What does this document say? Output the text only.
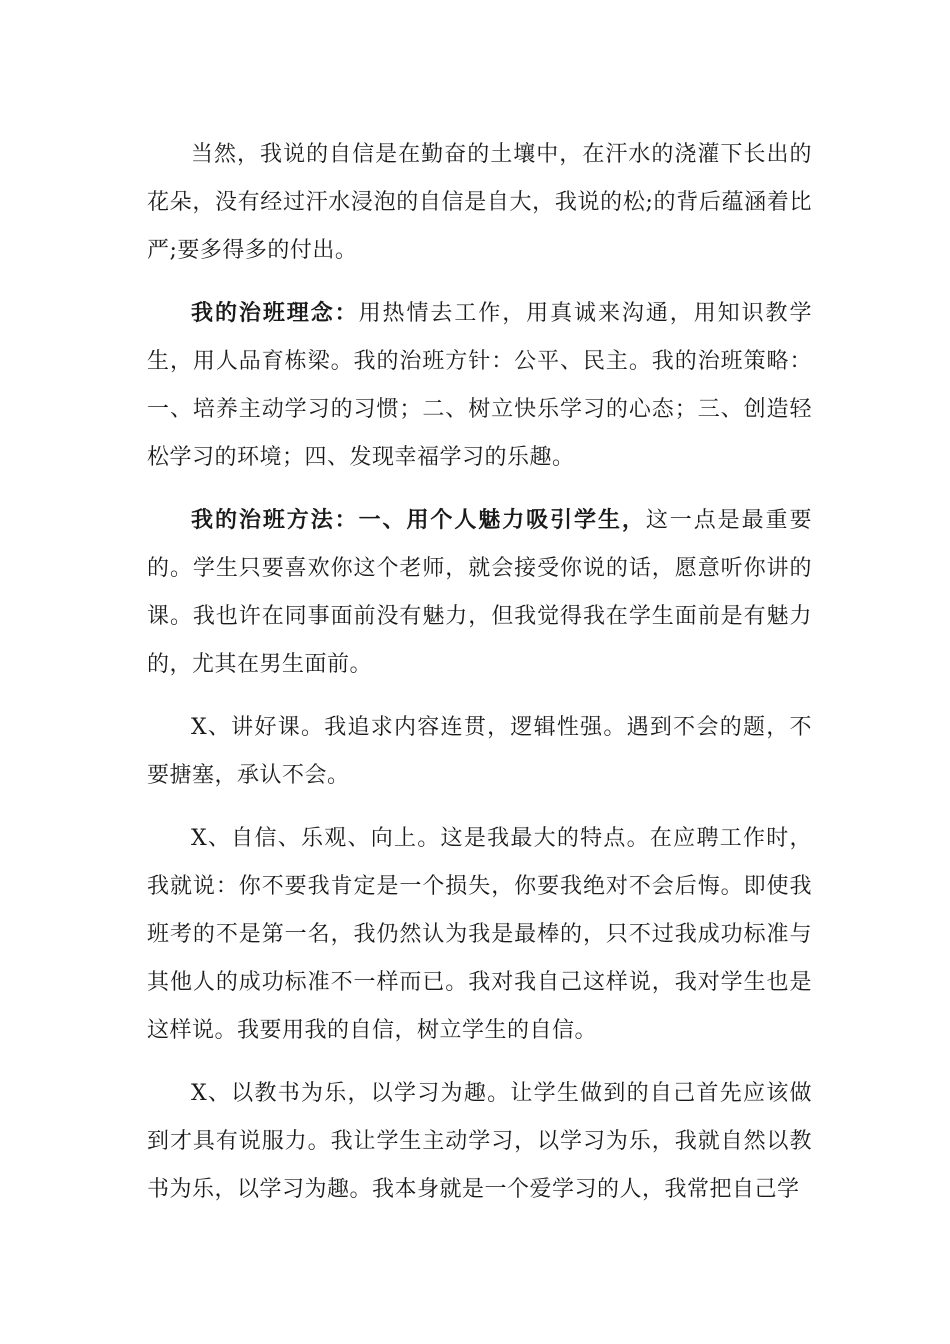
当然，我说的自信是在勤奋的土壤中，在汗水的浇灌下长出的花朵，没有经过汗水浸泡的自信是自大，我说的松;的背后蕴涵着比严;要多得多的付出。

我的治班理念：用热情去工作，用真诚来沟通，用知识教学生，用人品育栋梁。我的治班方针：公平、民主。我的治班策略：一、培养主动学习的习惯；二、树立快乐学习的心态；三、创造轻松学习的环境；四、发现幸福学习的乐趣。

我的治班方法：一、用个人魅力吸引学生，这一点是最重要的。学生只要喜欢你这个老师，就会接受你说的话，愿意听你讲的课。我也许在同事面前没有魅力，但我觉得我在学生面前是有魅力的，尤其在男生面前。

X、讲好课。我追求内容连贯，逻辑性强。遇到不会的题，不要搪塞，承认不会。

X、自信、乐观、向上。这是我最大的特点。在应聘工作时，我就说：你不要我肯定是一个损失，你要我绝对不会后悔。即使我班考的不是第一名，我仍然认为我是最棒的，只不过我成功标准与其他人的成功标准不一样而已。我对我自己这样说，我对学生也是这样说。我要用我的自信，树立学生的自信。

X、以教书为乐，以学习为趣。让学生做到的自己首先应该做到才具有说服力。我让学生主动学习，以学习为乐，我就自然以教书为乐，以学习为趣。我本身就是一个爱学习的人，我常把自己学
